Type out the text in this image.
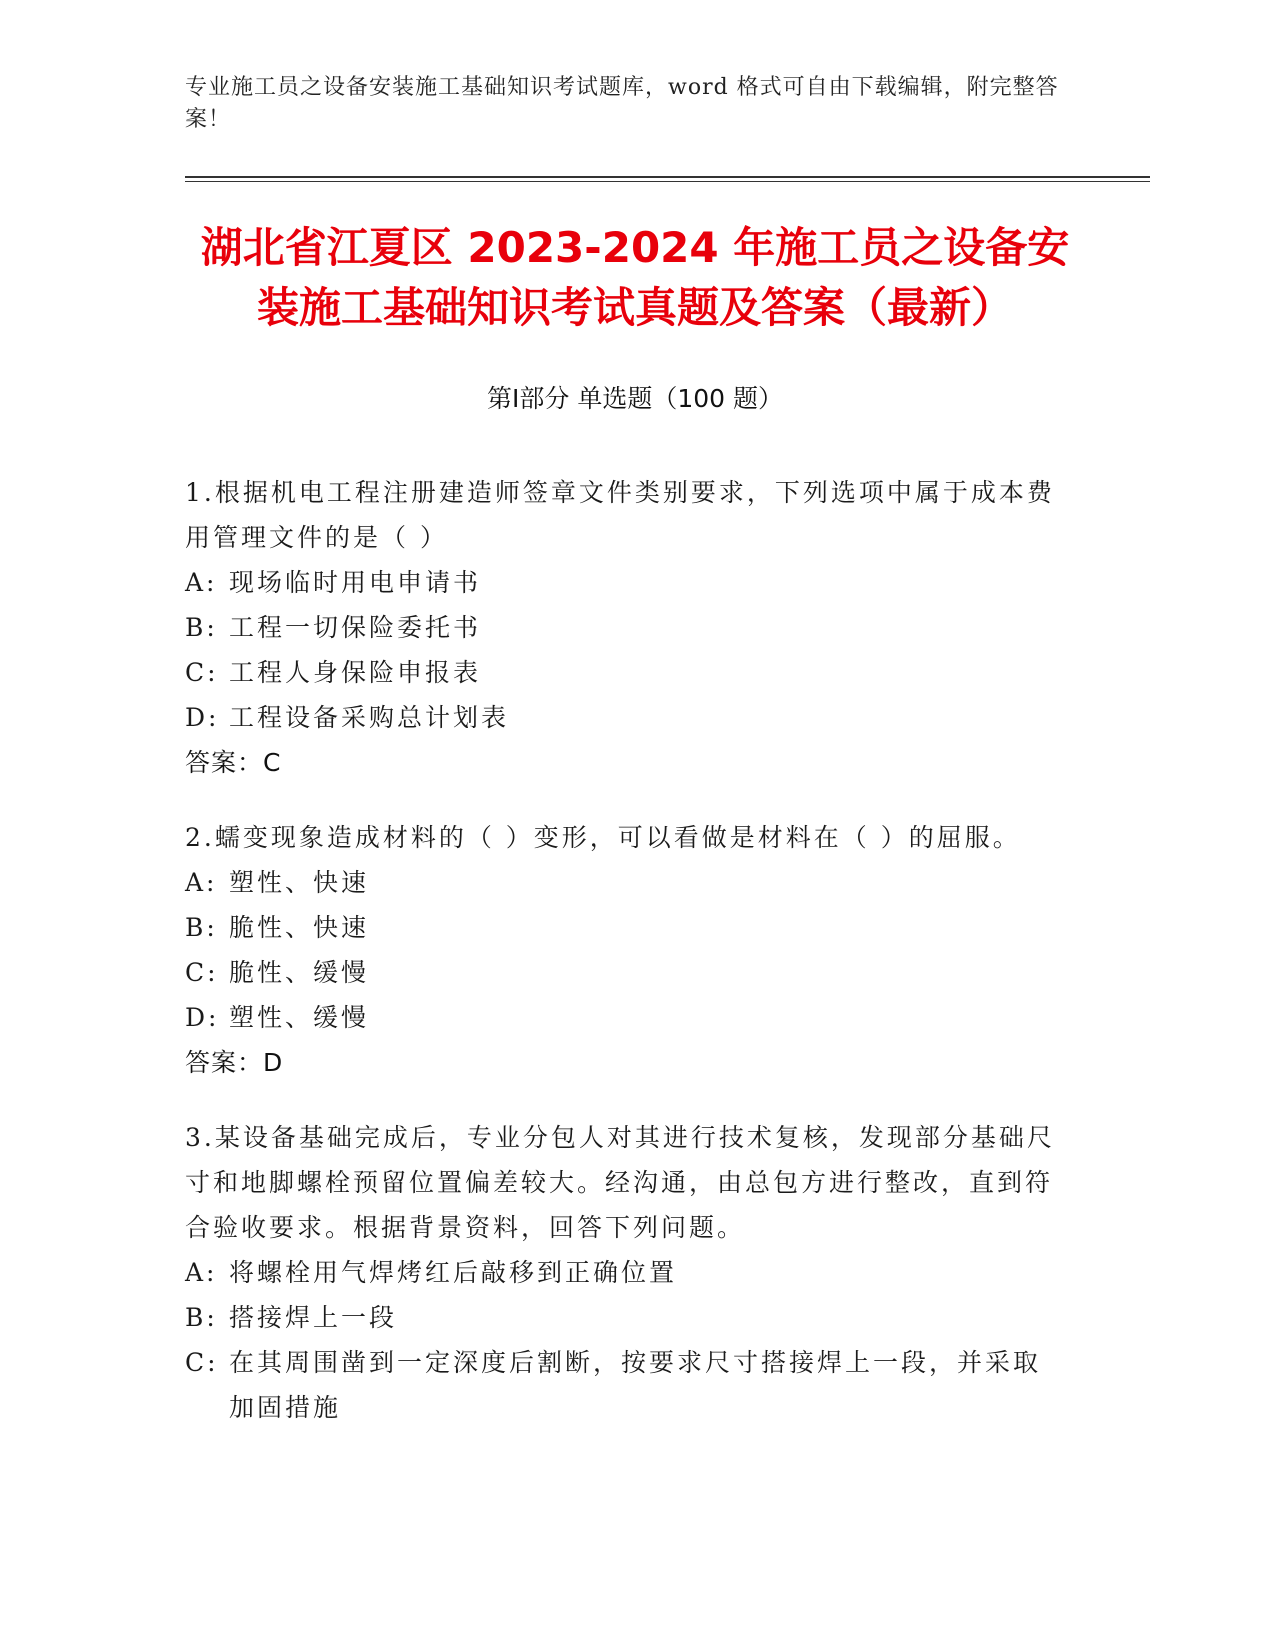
专业施工员之设备安装施工基础知识考试题库，word 格式可自由下载编辑，附完整答案！
湖北省江夏区 2023-2024 年施工员之设备安
装施工基础知识考试真题及答案（最新）
第Ⅰ部分 单选题（100 题）
1.根据机电工程注册建造师签章文件类别要求，下列选项中属于成本费用管理文件的是（ ）
A: 现场临时用电申请书
B: 工程一切保险委托书
C: 工程人身保险申报表
D: 工程设备采购总计划表
答案：C
2.蠕变现象造成材料的（ ）变形，可以看做是材料在（ ）的屈服。
A: 塑性、快速
B: 脆性、快速
C: 脆性、缓慢
D: 塑性、缓慢
答案：D
3.某设备基础完成后，专业分包人对其进行技术复核，发现部分基础尺寸和地脚螺栓预留位置偏差较大。经沟通，由总包方进行整改，直到符合验收要求。根据背景资料，回答下列问题。
A: 将螺栓用气焊烤红后敲移到正确位置
B: 搭接焊上一段
C: 在其周围凿到一定深度后割断，按要求尺寸搭接焊上一段，并采取加固措施
